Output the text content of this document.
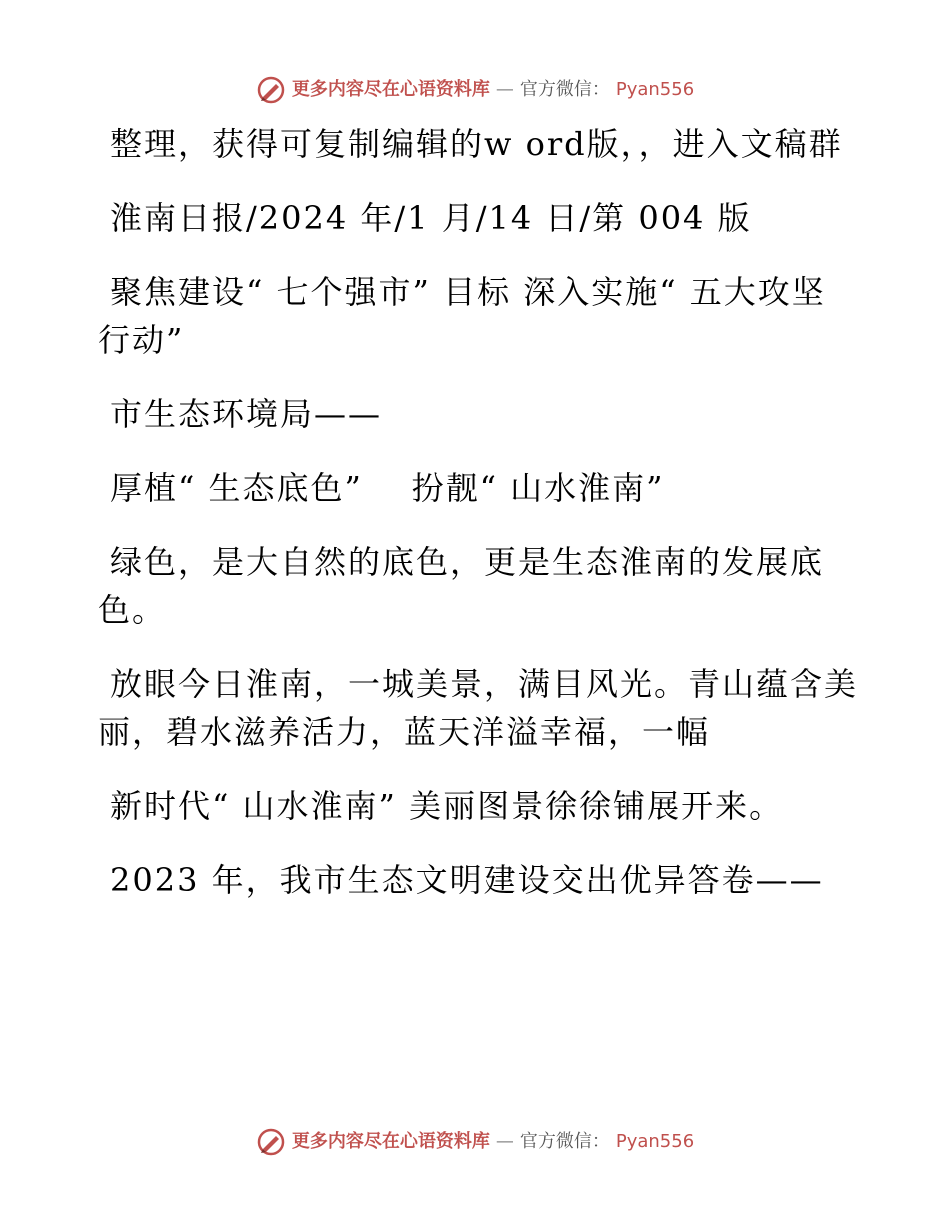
更多内容尽在心语资料库 — 官方微信： Pyan556

整理，获得可复制编辑的w ord版，，进入文稿群

淮南日报/2024 年/1 月/14 日/第 004 版

聚焦建设“ 七个强市” 目标 深入实施“ 五大攻坚行动”

市生态环境局——

厚植“ 生态底色”    扮靓“ 山水淮南”

绿色，是大自然的底色，更是生态淮南的发展底色。

放眼今日淮南，一城美景，满目风光。青山蕴含美丽，碧水滋养活力，蓝天洋溢幸福，一幅

新时代“ 山水淮南” 美丽图景徐徐铺展开来。

2023 年，我市生态文明建设交出优异答卷——

更多内容尽在心语资料库 — 官方微信： Pyan556
